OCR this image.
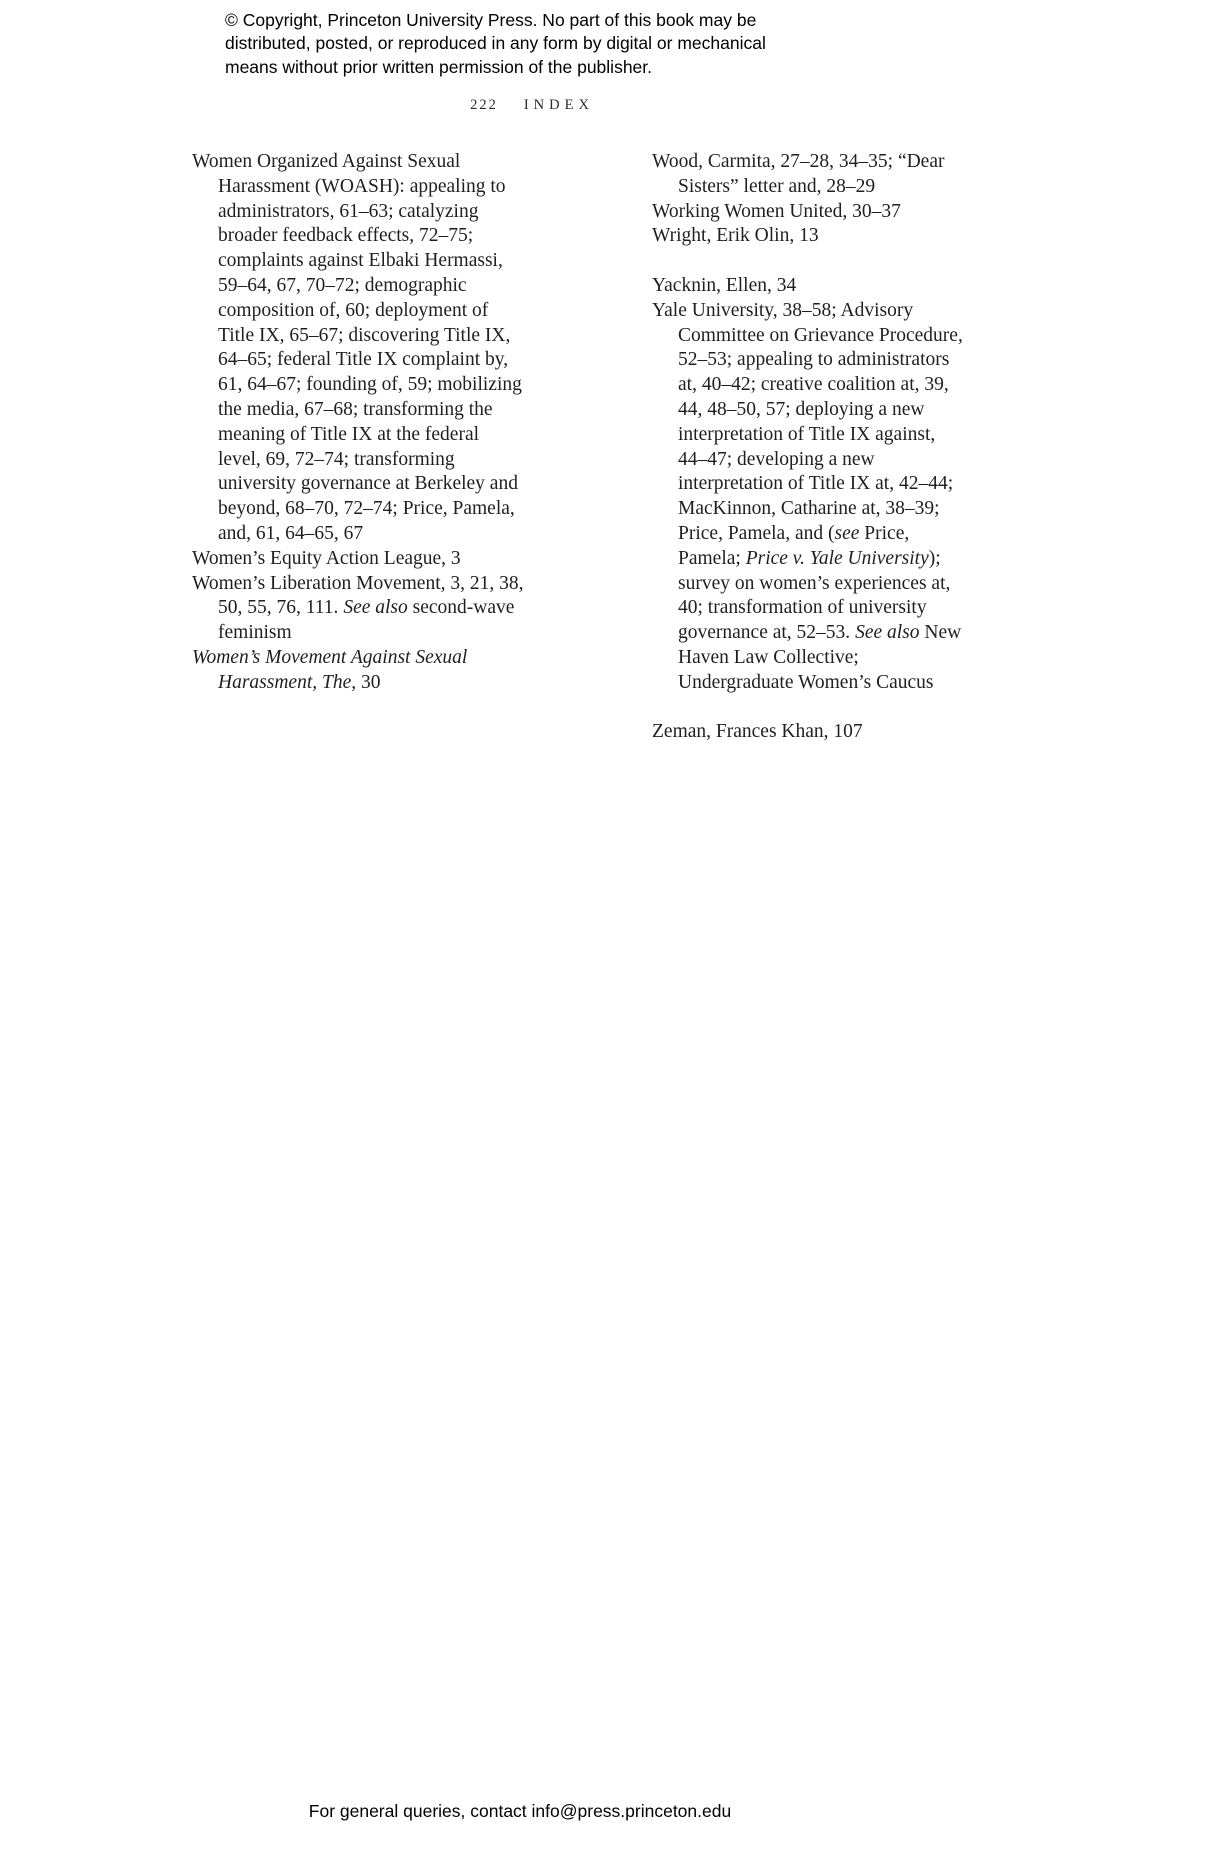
© Copyright, Princeton University Press. No part of this book may be distributed, posted, or reproduced in any form by digital or mechanical means without prior written permission of the publisher.
222 INDEX

Women Organized Against Sexual Harassment (WOASH): appealing to administrators, 61–63; catalyzing broader feedback effects, 72–75; complaints against Elbaki Hermassi, 59–64, 67, 70–72; demographic composition of, 60; deployment of Title IX, 65–67; discovering Title IX, 64–65; federal Title IX complaint by, 61, 64–67; founding of, 59; mobilizing the media, 67–68; transforming the meaning of Title IX at the federal level, 69, 72–74; transforming university governance at Berkeley and beyond, 68–70, 72–74; Price, Pamela, and, 61, 64–65, 67

Women’s Equity Action League, 3

Women’s Liberation Movement, 3, 21, 38, 50, 55, 76, 111. See also second-wave feminism

Women’s Movement Against Sexual Harassment, The, 30

Wood, Carmita, 27–28, 34–35; “Dear Sisters” letter and, 28–29

Working Women United, 30–37

Wright, Erik Olin, 13

Yacknin, Ellen, 34

Yale University, 38–58; Advisory Committee on Grievance Procedure, 52–53; appealing to administrators at, 40–42; creative coalition at, 39, 44, 48–50, 57; deploying a new interpretation of Title IX against, 44–47; developing a new interpretation of Title IX at, 42–44; MacKinnon, Catharine at, 38–39; Price, Pamela, and (see Price, Pamela; Price v. Yale University); survey on women’s experiences at, 40; transformation of university governance at, 52–53. See also New Haven Law Collective; Undergraduate Women’s Caucus

Zeman, Frances Khan, 107

For general queries, contact info@press.princeton.edu
